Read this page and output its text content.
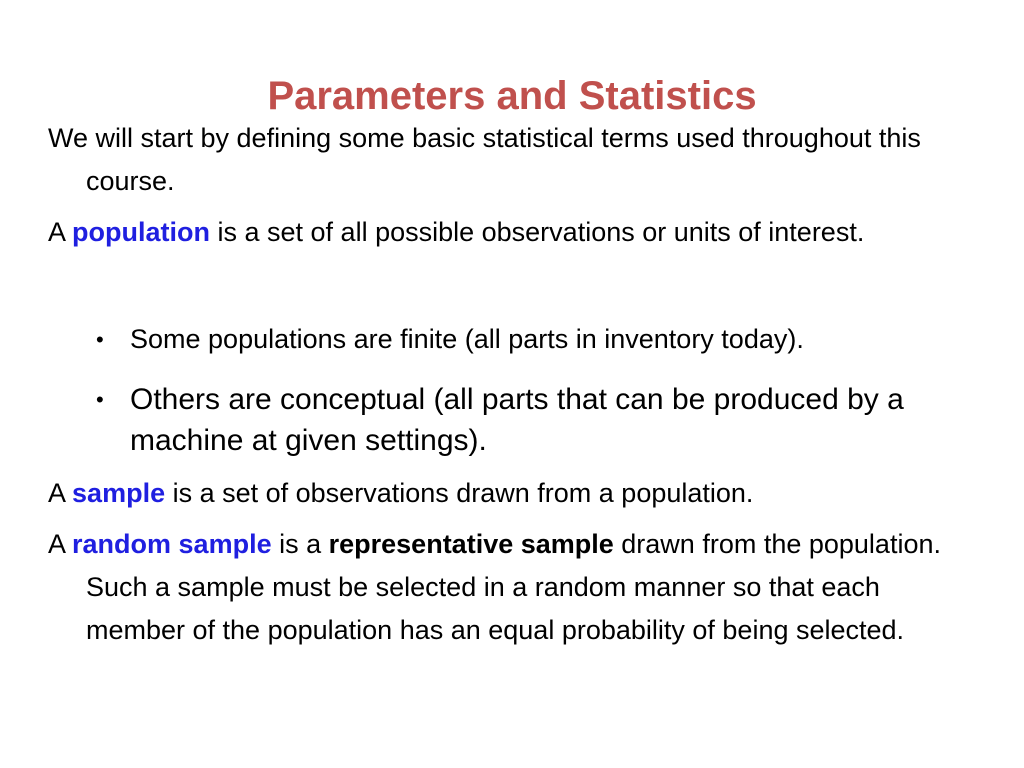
Parameters and Statistics
We will start by defining some basic statistical terms used throughout this course.
A population is a set of all possible observations or units of interest.
• Some populations are finite (all parts in inventory today).
• Others are conceptual (all parts that can be produced by a machine at given settings).
A sample is a set of observations drawn from a population.
A random sample is a representative sample drawn from the population. Such a sample must be selected in a random manner so that each member of the population has an equal probability of being selected.
